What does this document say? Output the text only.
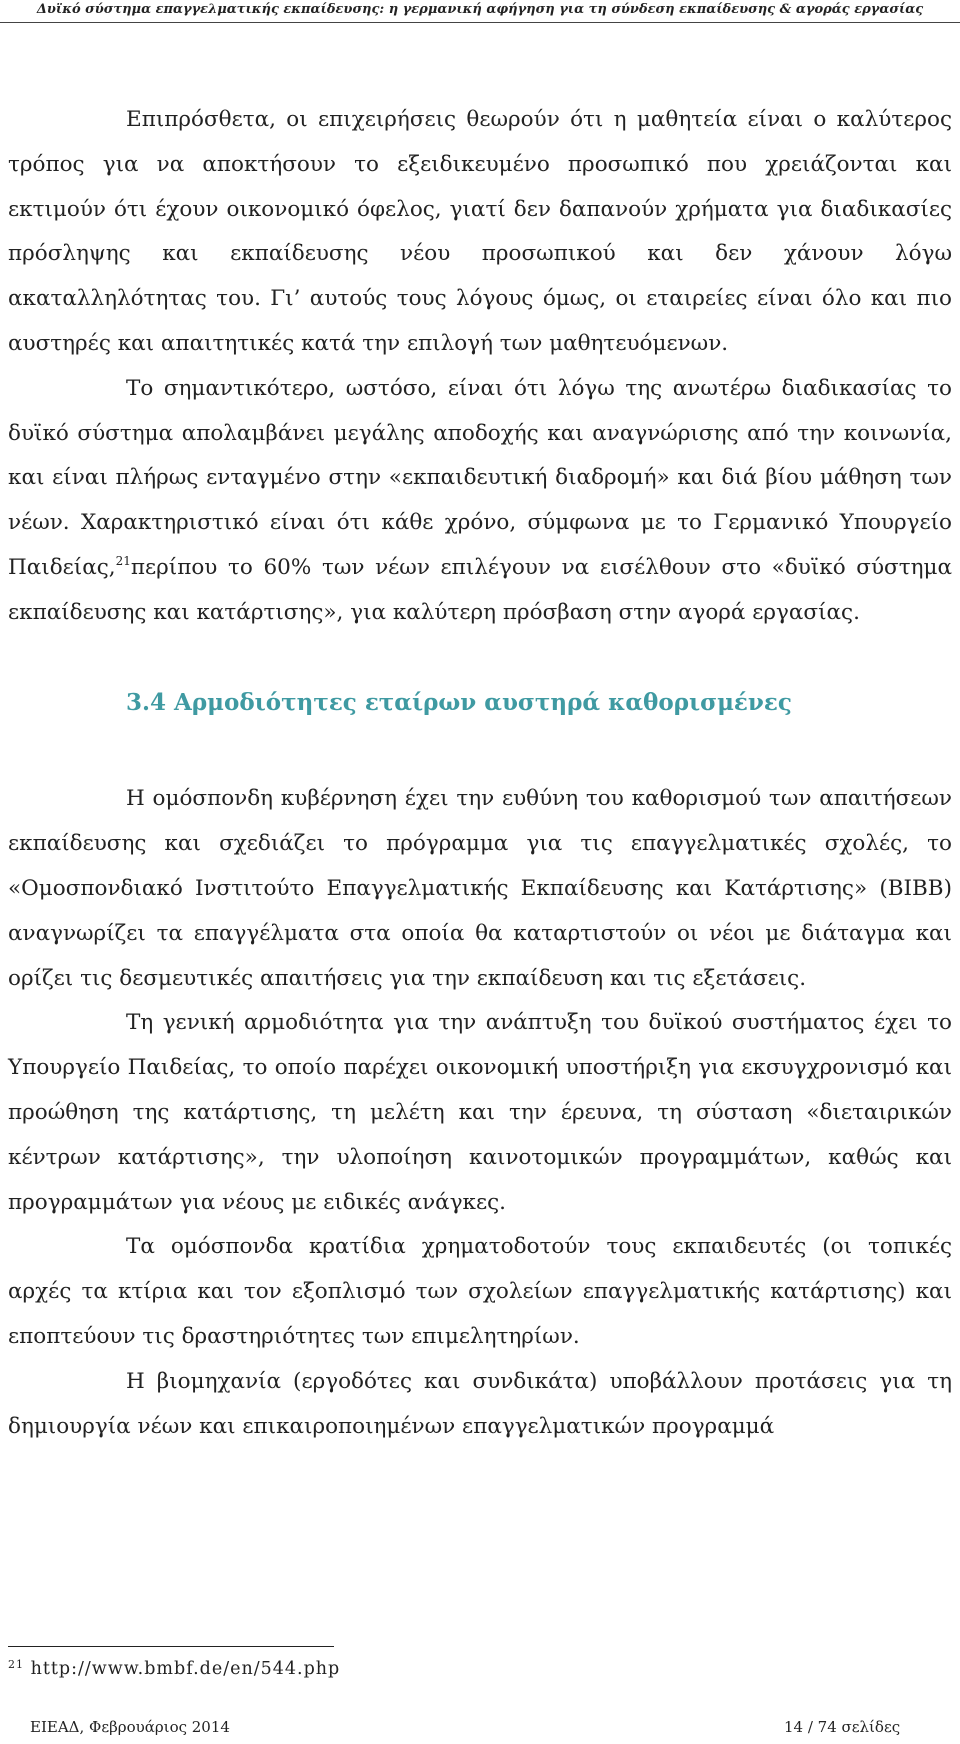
Δυϊκό σύστημα επαγγελματικής εκπαίδευσης: η γερμανική αφήγηση για τη σύνδεση εκπαίδευσης & αγοράς εργασίας

Επιπρόσθετα, οι επιχειρήσεις θεωρούν ότι η μαθητεία είναι ο καλύτερος τρόπος για να αποκτήσουν το εξειδικευμένο προσωπικό που χρειάζονται και εκτιμούν ότι έχουν οικονομικό όφελος, γιατί δεν δαπανούν χρήματα για διαδικασίες πρόσληψης και εκπαίδευσης νέου προσωπικού και δεν χάνουν λόγω ακαταλληλότητας του. Γι’ αυτούς τους λόγους όμως, οι εταιρείες είναι όλο και πιο αυστηρές και απαιτητικές κατά την επιλογή των μαθητευόμενων.

Το σημαντικότερο, ωστόσο, είναι ότι λόγω της ανωτέρω διαδικασίας το δυϊκό σύστημα απολαμβάνει μεγάλης αποδοχής και αναγνώρισης από την κοινωνία, και είναι πλήρως ενταγμένο στην «εκπαιδευτική διαδρομή» και διά βίου μάθηση των νέων. Χαρακτηριστικό είναι ότι κάθε χρόνο, σύμφωνα με το Γερμανικό Υπουργείο Παιδείας,$^{21}$περίπου το 60% των νέων επιλέγουν να εισέλθουν στο «δυϊκό σύστημα εκπαίδευσης και κατάρτισης», για καλύτερη πρόσβαση στην αγορά εργασίας.

3.4 Αρμοδιότητες εταίρων αυστηρά καθορισμένες

Η ομόσπονδη κυβέρνηση έχει την ευθύνη του καθορισμού των απαιτήσεων εκπαίδευσης και σχεδιάζει το πρόγραμμα για τις επαγγελματικές σχολές, το «Ομοσπονδιακό Ινστιτούτο Επαγγελματικής Εκπαίδευσης και Κατάρτισης» (BIBB) αναγνωρίζει τα επαγγέλματα στα οποία θα καταρτιστούν οι νέοι με διάταγμα και ορίζει τις δεσμευτικές απαιτήσεις για την εκπαίδευση και τις εξετάσεις.

Τη γενική αρμοδιότητα για την ανάπτυξη του δυϊκού συστήματος έχει το Υπουργείο Παιδείας, το οποίο παρέχει οικονομική υποστήριξη για εκσυγχρονισμό και προώθηση της κατάρτισης, τη μελέτη και την έρευνα, τη σύσταση «διεταιρικών κέντρων κατάρτισης», την υλοποίηση καινοτομικών προγραμμάτων, καθώς και προγραμμάτων για νέους με ειδικές ανάγκες.

Τα ομόσπονδα κρατίδια χρηματοδοτούν τους εκπαιδευτές (οι τοπικές αρχές τα κτίρια και τον εξοπλισμό των σχολείων επαγγελματικής κατάρτισης) και εποπτεύουν τις δραστηριότητες των επιμελητηρίων.

Η βιομηχανία (εργοδότες και συνδικάτα) υποβάλλουν προτάσεις για τη δημιουργία νέων και επικαιροποιημένων επαγγελματικών προγραμμά

$^{21}$ http://www.bmbf.de/en/544.php
ΕΙΕΑΔ, Φεβρουάριος 2014	14 / 74 σελίδες
